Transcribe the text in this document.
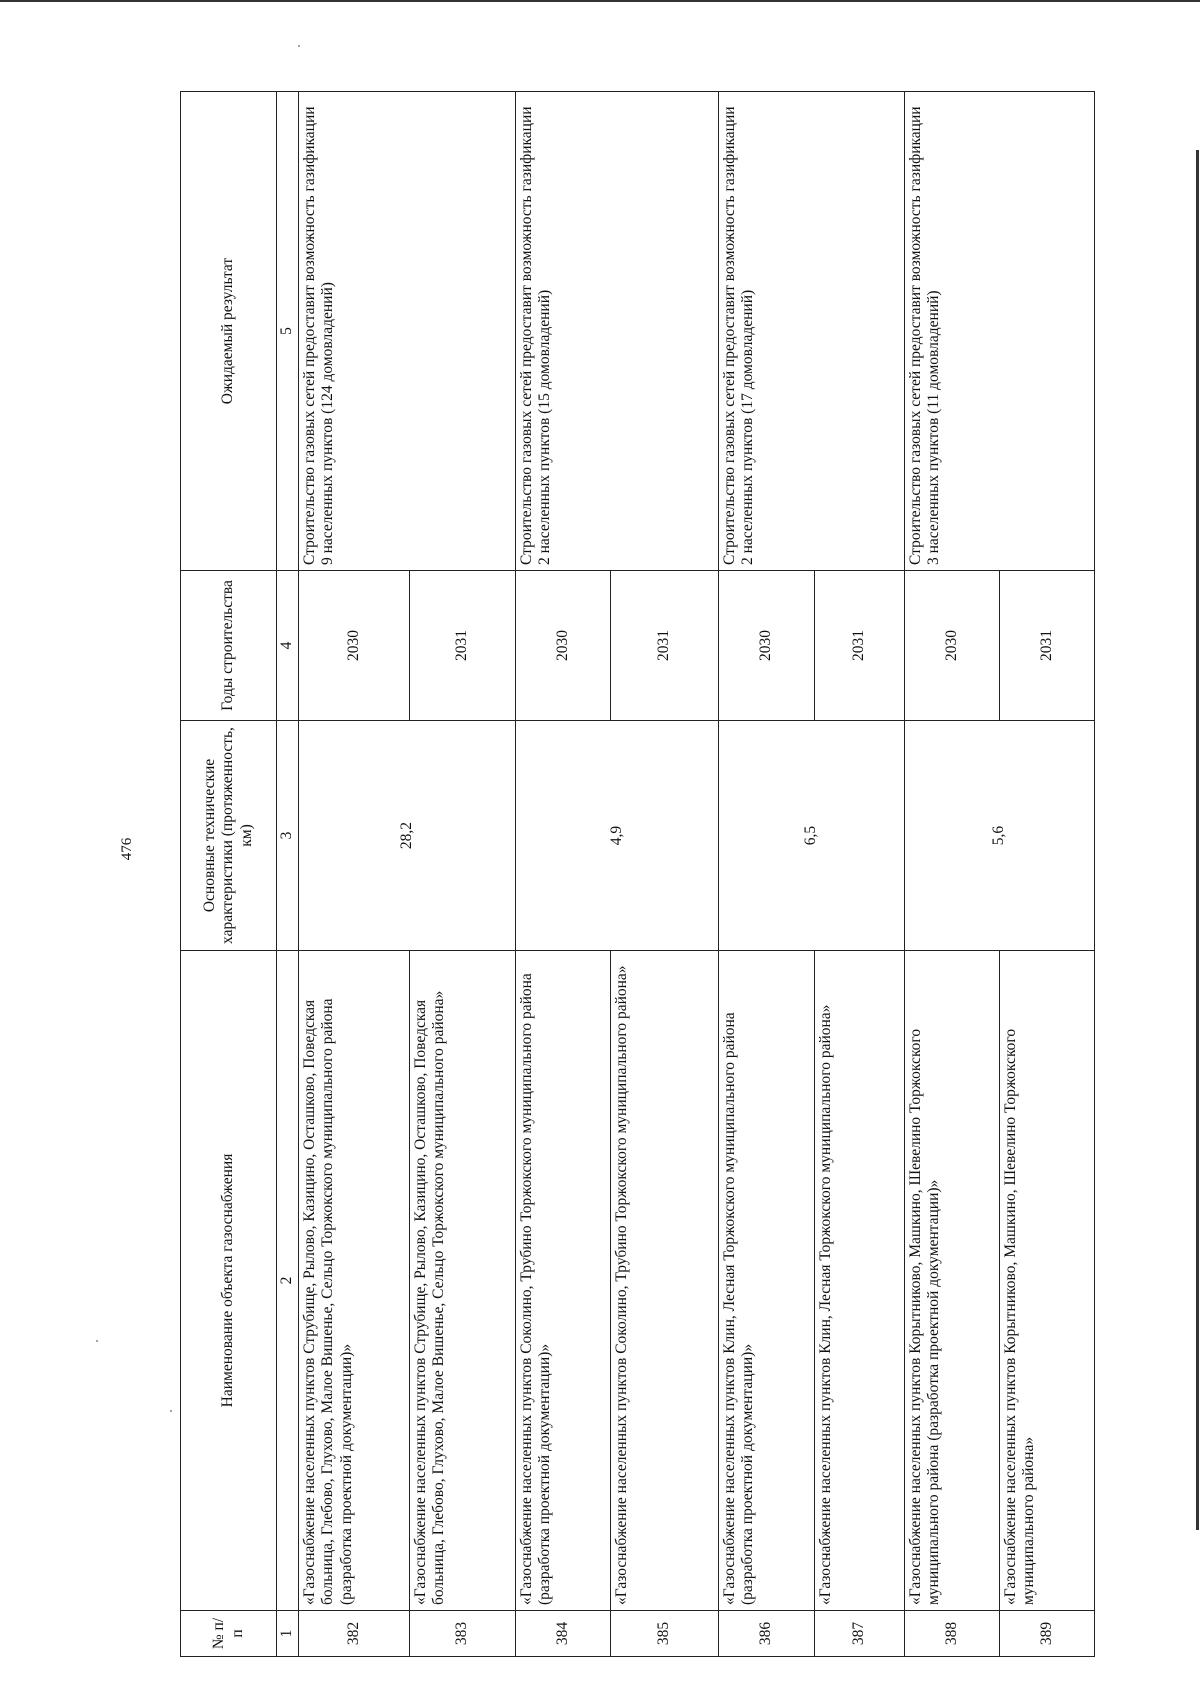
476
№ п/п	Наименование объекта газоснабжения	Основные технические характеристики (протяженность, км)	Годы строительства	Ожидаемый результат
1	2	3	4	5
382	«Газоснабжение населенных пунктов Струбище, Рылово, Казицино, Осташково, Поведская больница, Глебово, Глухово, Малое Вишенье, Сельцо Торжокского муниципального района (разработка проектной документации)»	28,2	2030	Строительство газовых сетей предоставит возможность газификации 9 населенных пунктов (124 домовладений)
383	«Газоснабжение населенных пунктов Струбище, Рылово, Казицино, Осташково, Поведская больница, Глебово, Глухово, Малое Вишенье, Сельцо Торжокского муниципального района»		2031	
384	«Газоснабжение населенных пунктов Соколино, Трубино Торжокского муниципального района (разработка проектной документации)»	4,9	2030	Строительство газовых сетей предоставит возможность газификации 2 населенных пунктов (15 домовладений)
385	«Газоснабжение населенных пунктов Соколино, Трубино Торжокского муниципального района»		2031	
386	«Газоснабжение населенных пунктов Клин, Лесная Торжокского муниципального района (разработка проектной документации)»	6,5	2030	Строительство газовых сетей предоставит возможность газификации 2 населенных пунктов (17 домовладений)
387	«Газоснабжение населенных пунктов Клин, Лесная Торжокского муниципального района»		2031	
388	«Газоснабжение населенных пунктов Корытниково, Машкино, Шевелино Торжокского муниципального района (разработка проектной документации)»	5,6	2030	Строительство газовых сетей предоставит возможность газификации 3 населенных пунктов (11 домовладений)
389	«Газоснабжение населенных пунктов Корытниково, Машкино, Шевелино Торжокского муниципального района»		2031	
